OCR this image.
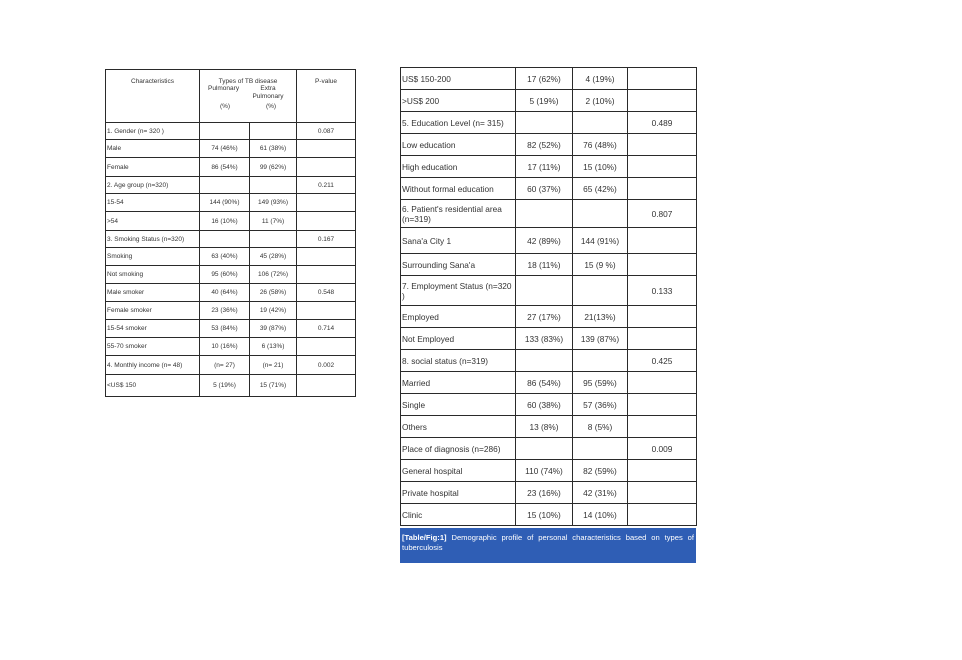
Characteristics	Types of TB disease
Pulmonary Extra Pulmonary
(%) (%)		P-value
1. Gender (n= 320 )			0.087
Male	74 (46%)	61 (38%)	
Female	86 (54%)	99 (62%)	
2. Age group (n=320)			0.211
15-54	144 (90%)	149 (93%)	
>54	16 (10%)	11 (7%)	
3. Smoking Status (n=320)			0.167
Smoking	63 (40%)	45 (28%)	
Not smoking	95 (60%)	106 (72%)	
Male smoker	40 (64%)	26 (58%)	0.548
Female smoker	23 (36%)	19 (42%)	
15-54 smoker	53 (84%)	39 (87%)	0.714
55-70 smoker	10 (16%)	6 (13%)	
4. Monthly income (n= 48)	(n= 27)	(n= 21)	0.002
<US$ 150	5 (19%)	15 (71%)	
US$ 150-200	17 (62%)	4 (19%)	
>US$ 200	5 (19%)	2 (10%)	
5. Education Level (n= 315)			0.489
Low education	82 (52%)	76 (48%)	
High education	17 (11%)	15 (10%)	
Without formal education	60 (37%)	65 (42%)	
6. Patient's residential area (n=319)			0.807
Sana'a City 1	42 (89%)	144 (91%)	
Surrounding Sana'a	18 (11%)	15 (9 %)	
7. Employment Status (n=320 )			0.133
Employed	27 (17%)	21(13%)	
Not Employed	133 (83%)	139 (87%)	
8. social status (n=319)			0.425
Married	86 (54%)	95 (59%)	
Single	60 (38%)	57 (36%)	
Others	13 (8%)	8 (5%)	
Place of diagnosis (n=286)			0.009
General hospital	110 (74%)	82 (59%)	
Private hospital	23 (16%)	42 (31%)	
Clinic	15 (10%)	14 (10%)	
[Table/Fig:1] Demographic profile of personal characteristics based on types of tuberculosis
